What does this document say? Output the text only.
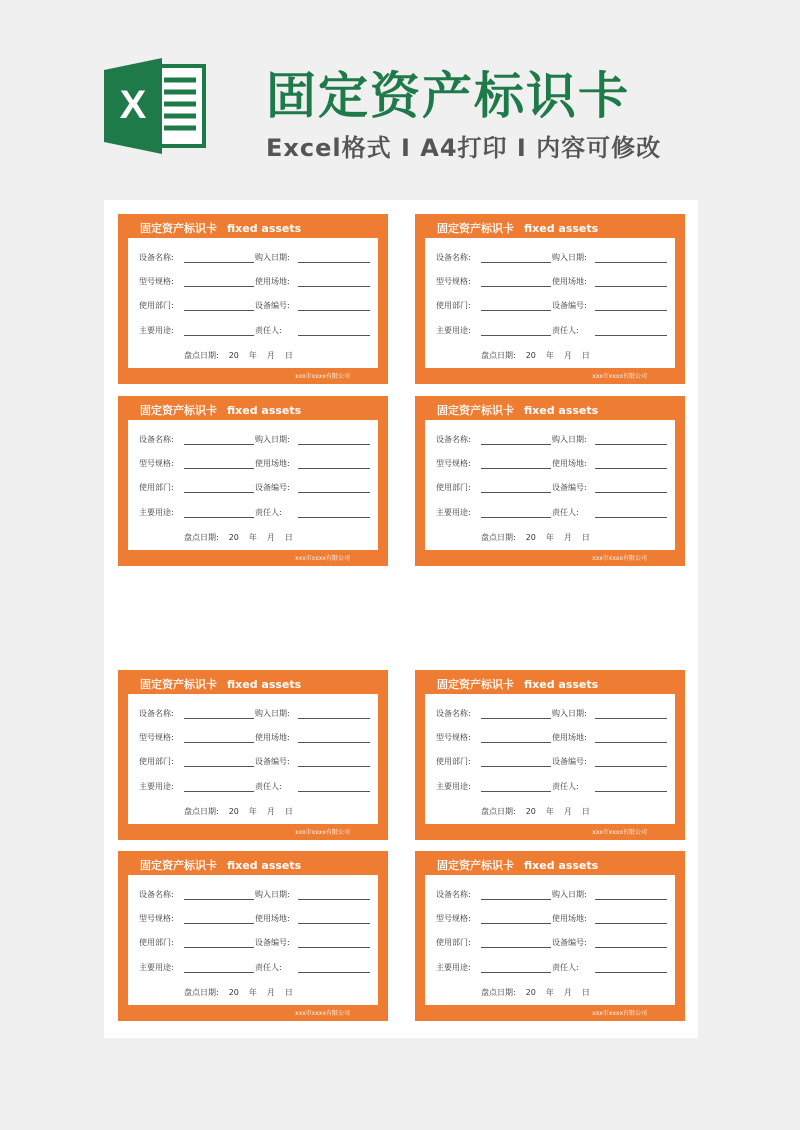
X 固定资产标识卡
Excel格式 I A4打印 I 内容可修改
固定资产标识卡 fixed assets
设备名称:	购入日期:
型号规格:	使用场地:
使用部门:	设备编号:
主要用途:	责任人:
盘点日期: 20 年 月 日
xxx市xxxx有限公司
固定资产标识卡 fixed assets
设备名称:	购入日期:
型号规格:	使用场地:
使用部门:	设备编号:
主要用途:	责任人:
盘点日期: 20 年 月 日
xxx市xxxx有限公司
固定资产标识卡 fixed assets
设备名称:	购入日期:
型号规格:	使用场地:
使用部门:	设备编号:
主要用途:	责任人:
盘点日期: 20 年 月 日
xxx市xxxx有限公司
固定资产标识卡 fixed assets
设备名称:	购入日期:
型号规格:	使用场地:
使用部门:	设备编号:
主要用途:	责任人:
盘点日期: 20 年 月 日
xxx市xxxx有限公司
固定资产标识卡 fixed assets
设备名称:	购入日期:
型号规格:	使用场地:
使用部门:	设备编号:
主要用途:	责任人:
盘点日期: 20 年 月 日
xxx市xxxx有限公司
固定资产标识卡 fixed assets
设备名称:	购入日期:
型号规格:	使用场地:
使用部门:	设备编号:
主要用途:	责任人:
盘点日期: 20 年 月 日
xxx市xxxx有限公司
固定资产标识卡 fixed assets
设备名称:	购入日期:
型号规格:	使用场地:
使用部门:	设备编号:
主要用途:	责任人:
盘点日期: 20 年 月 日
xxx市xxxx有限公司
固定资产标识卡 fixed assets
设备名称:	购入日期:
型号规格:	使用场地:
使用部门:	设备编号:
主要用途:	责任人:
盘点日期: 20 年 月 日
xxx市xxxx有限公司
